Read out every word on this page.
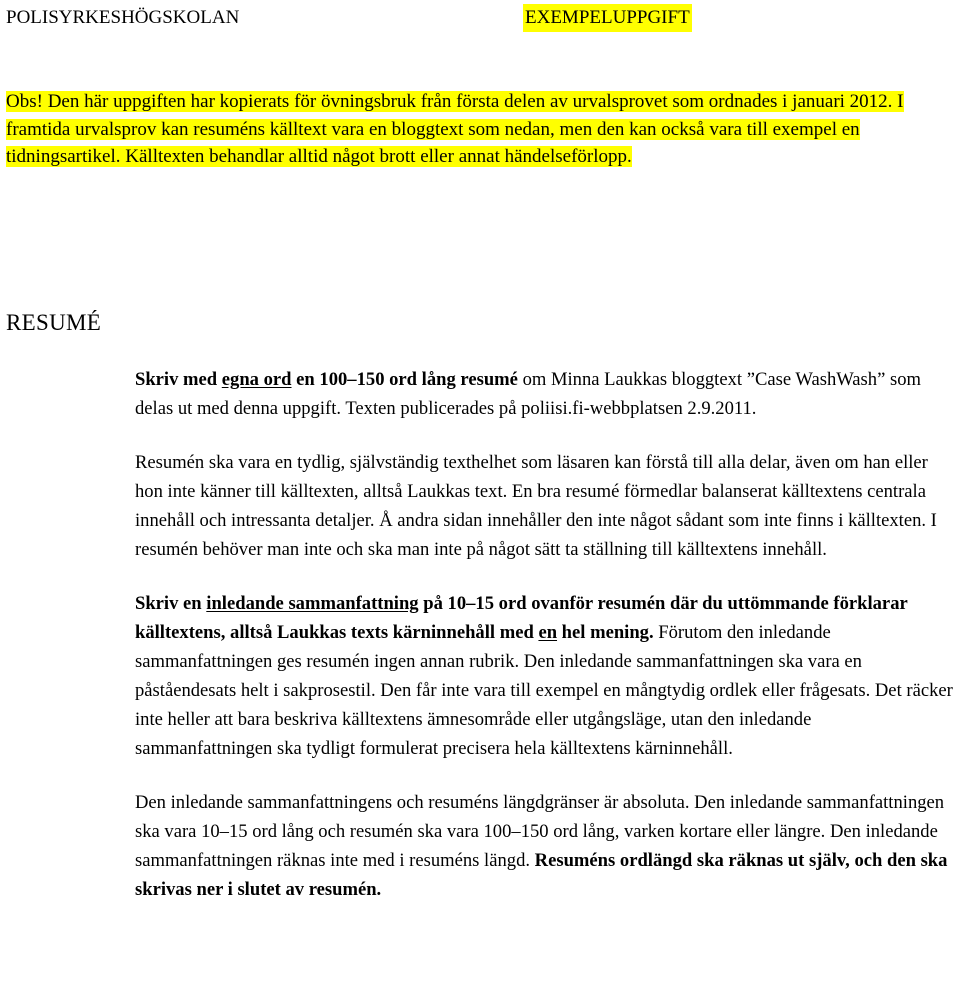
POLISYRKESHÖGSKOLAN	EXEMPELUPPGIFT
Obs! Den här uppgiften har kopierats för övningsbruk från första delen av urvalsprovet som ordnades i januari 2012. I framtida urvalsprov kan resuméns källtext vara en bloggtext som nedan, men den kan också vara till exempel en tidningsartikel. Källtexten behandlar alltid något brott eller annat händelseförlopp.
RESUMÉ

Skriv med egna ord en 100–150 ord lång resumé om Minna Laukkas bloggtext ”Case WashWash” som delas ut med denna uppgift. Texten publicerades på poliisi.fi-webbplatsen 2.9.2011.

Resumén ska vara en tydlig, självständig texthelhet som läsaren kan förstå till alla delar, även om han eller hon inte känner till källtexten, alltså Laukkas text. En bra resumé förmedlar balanserat källtextens centrala innehåll och intressanta detaljer. Å andra sidan innehåller den inte något sådant som inte finns i källtexten. I resumén behöver man inte och ska man inte på något sätt ta ställning till källtextens innehåll.

Skriv en inledande sammanfattning på 10–15 ord ovanför resumén där du uttömmande förklarar källtextens, alltså Laukkas texts kärninnehåll med en hel mening. Förutom den inledande sammanfattningen ges resumén ingen annan rubrik. Den inledande sammanfattningen ska vara en påståendesats helt i sakprosestil. Den får inte vara till exempel en mångtydig ordlek eller frågesats. Det räcker inte heller att bara beskriva källtextens ämnesområde eller utgångsläge, utan den inledande sammanfattningen ska tydligt formulerat precisera hela källtextens kärninnehåll.

Den inledande sammanfattningens och resuméns längdgränser är absoluta. Den inledande sammanfattningen ska vara 10–15 ord lång och resumén ska vara 100–150 ord lång, varken kortare eller längre. Den inledande sammanfattningen räknas inte med i resuméns längd. Resuméns ordlängd ska räknas ut själv, och den ska skrivas ner i slutet av resumén.
